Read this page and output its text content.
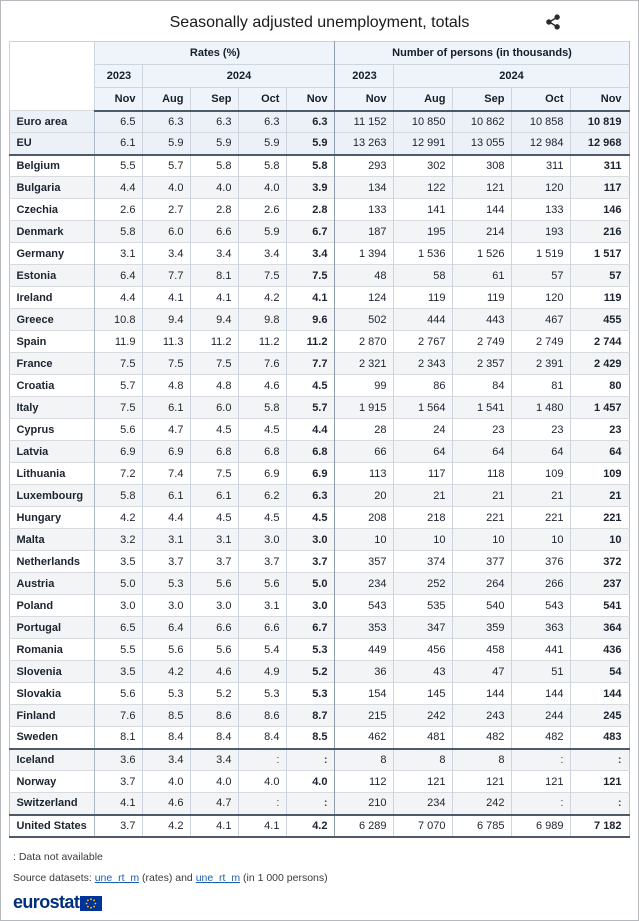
Seasonally adjusted unemployment, totals
	Rates (%)					Number of persons (in thousands)				
	2023	2024				2023	2024			
	Nov	Aug	Sep	Oct	Nov	Nov	Aug	Sep	Oct	Nov
Euro area	6.5	6.3	6.3	6.3	6.3	11 152	10 850	10 862	10 858	10 819
EU	6.1	5.9	5.9	5.9	5.9	13 263	12 991	13 055	12 984	12 968
Belgium	5.5	5.7	5.8	5.8	5.8	293	302	308	311	311
Bulgaria	4.4	4.0	4.0	4.0	3.9	134	122	121	120	117
Czechia	2.6	2.7	2.8	2.6	2.8	133	141	144	133	146
Denmark	5.8	6.0	6.6	5.9	6.7	187	195	214	193	216
Germany	3.1	3.4	3.4	3.4	3.4	1 394	1 536	1 526	1 519	1 517
Estonia	6.4	7.7	8.1	7.5	7.5	48	58	61	57	57
Ireland	4.4	4.1	4.1	4.2	4.1	124	119	119	120	119
Greece	10.8	9.4	9.4	9.8	9.6	502	444	443	467	455
Spain	11.9	11.3	11.2	11.2	11.2	2 870	2 767	2 749	2 749	2 744
France	7.5	7.5	7.5	7.6	7.7	2 321	2 343	2 357	2 391	2 429
Croatia	5.7	4.8	4.8	4.6	4.5	99	86	84	81	80
Italy	7.5	6.1	6.0	5.8	5.7	1 915	1 564	1 541	1 480	1 457
Cyprus	5.6	4.7	4.5	4.5	4.4	28	24	23	23	23
Latvia	6.9	6.9	6.8	6.8	6.8	66	64	64	64	64
Lithuania	7.2	7.4	7.5	6.9	6.9	113	117	118	109	109
Luxembourg	5.8	6.1	6.1	6.2	6.3	20	21	21	21	21
Hungary	4.2	4.4	4.5	4.5	4.5	208	218	221	221	221
Malta	3.2	3.1	3.1	3.0	3.0	10	10	10	10	10
Netherlands	3.5	3.7	3.7	3.7	3.7	357	374	377	376	372
Austria	5.0	5.3	5.6	5.6	5.0	234	252	264	266	237
Poland	3.0	3.0	3.0	3.1	3.0	543	535	540	543	541
Portugal	6.5	6.4	6.6	6.6	6.7	353	347	359	363	364
Romania	5.5	5.6	5.6	5.4	5.3	449	456	458	441	436
Slovenia	3.5	4.2	4.6	4.9	5.2	36	43	47	51	54
Slovakia	5.6	5.3	5.2	5.3	5.3	154	145	144	144	144
Finland	7.6	8.5	8.6	8.6	8.7	215	242	243	244	245
Sweden	8.1	8.4	8.4	8.4	8.5	462	481	482	482	483
Iceland	3.6	3.4	3.4	:	:	8	8	8	:	:
Norway	3.7	4.0	4.0	4.0	4.0	112	121	121	121	121
Switzerland	4.1	4.6	4.7	:	:	210	234	242	:	:
United States	3.7	4.2	4.1	4.1	4.2	6 289	7 070	6 785	6 989	7 182
: Data not available
Source datasets: une_rt_m (rates) and une_rt_m (in 1 000 persons)
eurostat
